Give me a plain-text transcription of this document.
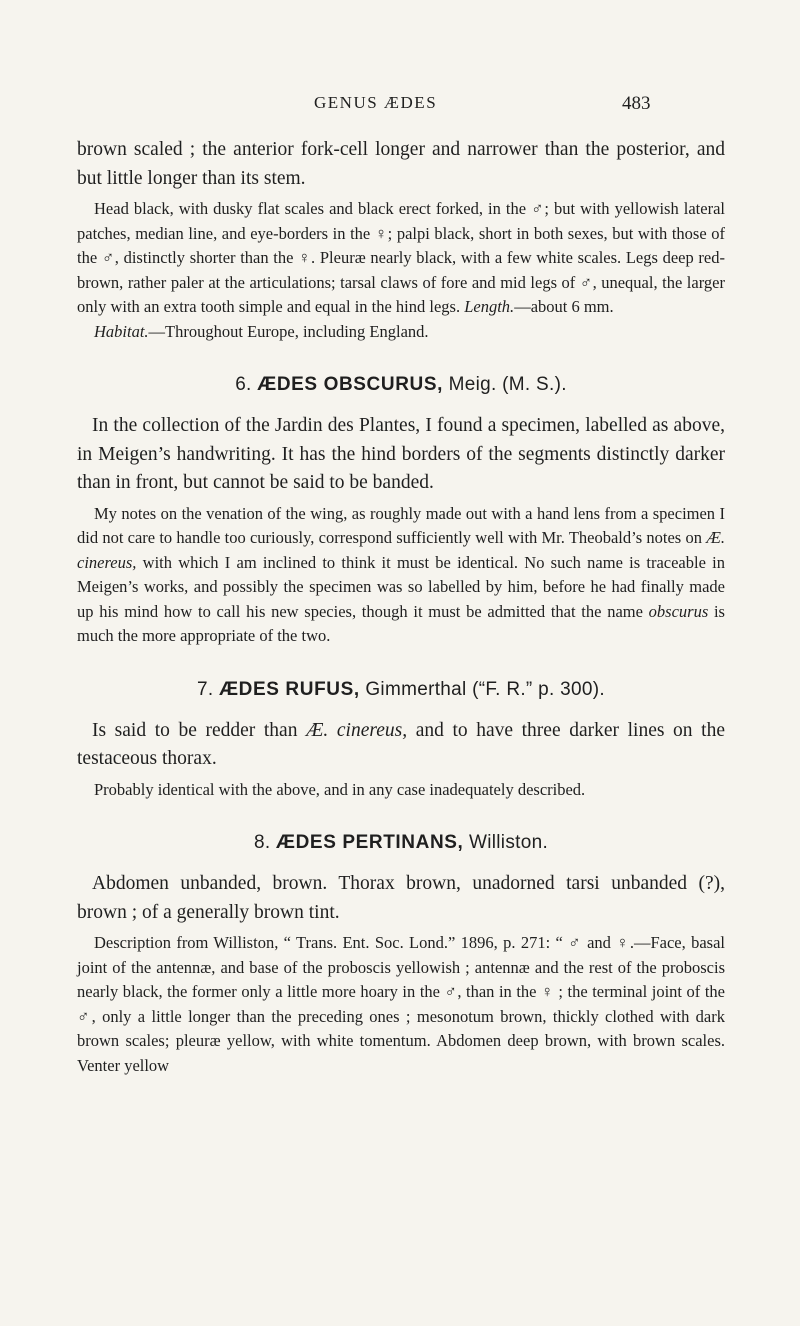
GENUS ÆDES	483

brown scaled ; the anterior fork-cell longer and narrower than the posterior, and but little longer than its stem.

Head black, with dusky flat scales and black erect forked, in the ♂; but with yellowish lateral patches, median line, and eye-borders in the ♀; palpi black, short in both sexes, but with those of the ♂, distinctly shorter than the ♀. Pleuræ nearly black, with a few white scales. Legs deep red-brown, rather paler at the articulations; tarsal claws of fore and mid legs of ♂, unequal, the larger only with an extra tooth simple and equal in the hind legs. Length.—about 6 mm.

Habitat.—Throughout Europe, including England.

6. ÆDES OBSCURUS, Meig. (M. S.).

In the collection of the Jardin des Plantes, I found a specimen, labelled as above, in Meigen’s handwriting. It has the hind borders of the segments distinctly darker than in front, but cannot be said to be banded.

My notes on the venation of the wing, as roughly made out with a hand lens from a specimen I did not care to handle too curiously, correspond sufficiently well with Mr. Theobald’s notes on Æ. cinereus, with which I am inclined to think it must be identical. No such name is traceable in Meigen’s works, and possibly the specimen was so labelled by him, before he had finally made up his mind how to call his new species, though it must be admitted that the name obscurus is much the more appropriate of the two.

7. ÆDES RUFUS, Gimmerthal (“F. R.” p. 300).

Is said to be redder than Æ. cinereus, and to have three darker lines on the testaceous thorax.

Probably identical with the above, and in any case inadequately described.

8. ÆDES PERTINANS, Williston.

Abdomen unbanded, brown. Thorax brown, unadorned tarsi unbanded (?), brown ; of a generally brown tint.

Description from Williston, “ Trans. Ent. Soc. Lond.” 1896, p. 271: “ ♂ and ♀.—Face, basal joint of the antennæ, and base of the proboscis yellowish ; antennæ and the rest of the proboscis nearly black, the former only a little more hoary in the ♂, than in the ♀ ; the terminal joint of the ♂, only a little longer than the preceding ones ; mesonotum brown, thickly clothed with dark brown scales; pleuræ yellow, with white tomentum. Abdomen deep brown, with brown scales. Venter yellow
